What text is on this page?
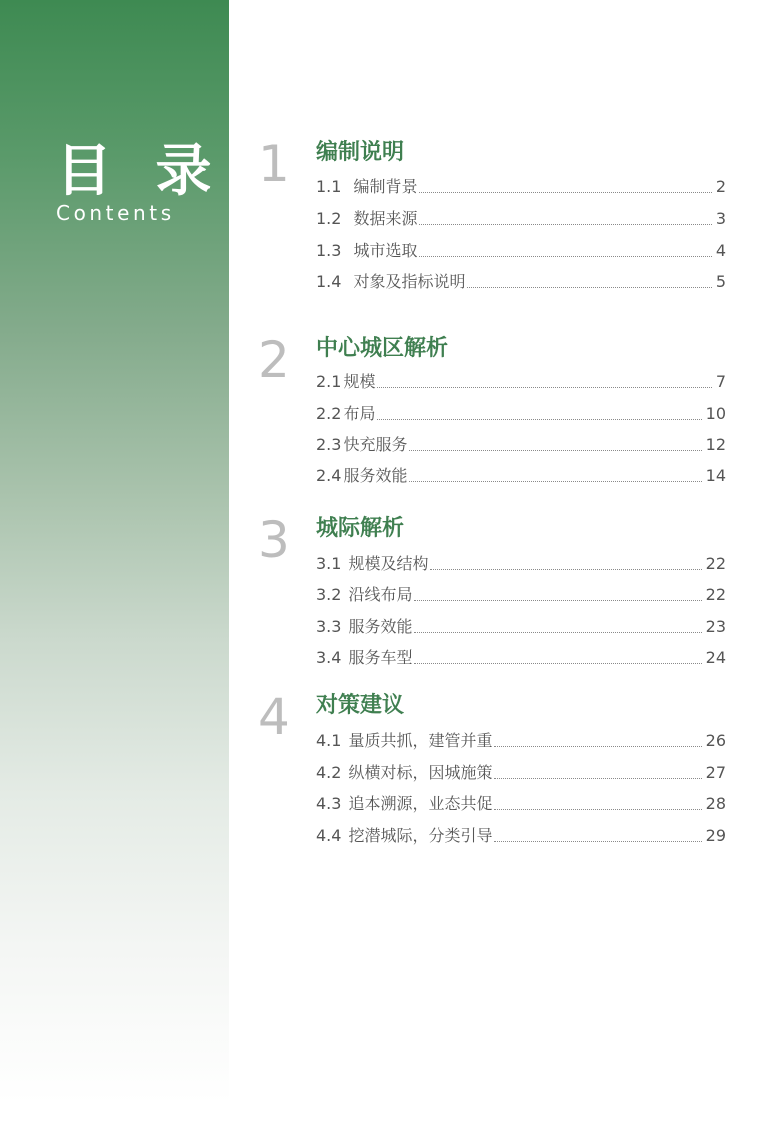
目 录
Contents
1	编制说明
1.1 编制背景	2
1.2 数据来源	3
1.3 城市选取	4
1.4 对象及指标说明	5
2	中心城区解析
2.1 规模	7
2.2 布局	10
2.3 快充服务	12
2.4 服务效能	14
3	城际解析
3.1 规模及结构	22
3.2 沿线布局	22
3.3 服务效能	23
3.4 服务车型	24
4	对策建议
4.1 量质共抓，建管并重	26
4.2 纵横对标，因城施策	27
4.3 追本溯源，业态共促	28
4.4 挖潜城际，分类引导	29
